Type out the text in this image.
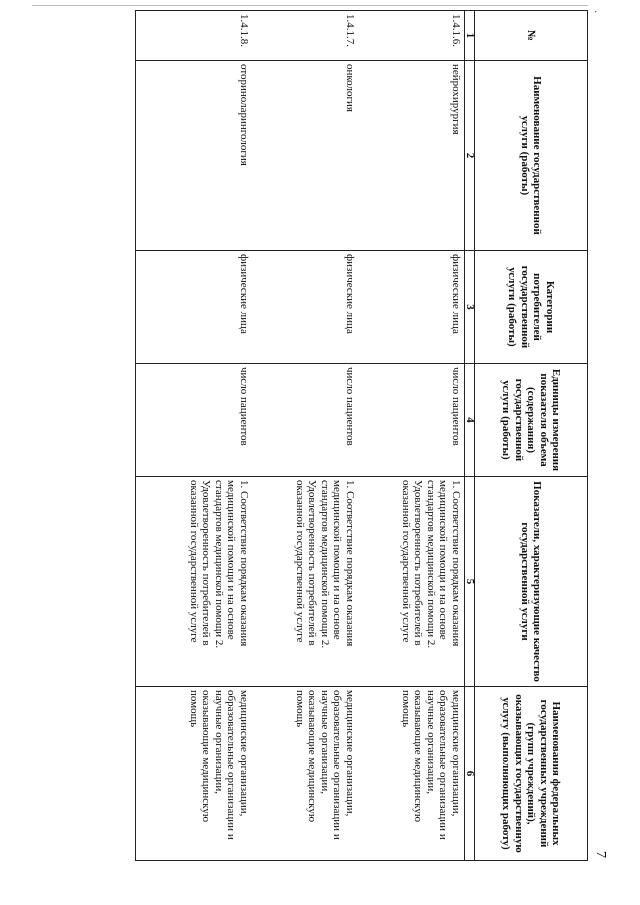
·
7
№	Наименование государственной услуги (работы)	Категории потребителей государственной услуги (работы)	Единицы измерения показателя объема (содержания) государственной услуги (работы)	Показатели, характеризующие качество государственной услуги	Наименования федеральных государственных учреждений (групп учреждений), оказывающих государственную услугу (выполняющих работу)
1	2	3	4	5	6
1.4.1.6.	нейрохирургия	физические лица	число пациентов	1. Соответствие порядкам оказания медицинской помощи и на основе стандартов медицинской помощи 2. Удовлетворенность потребителей в оказанной государственной услуге	медицинские организации, образовательные организации и научные организации, оказывающие медицинскую помощь
1.4.1.7.	онкология	физические лица	число пациентов	1. Соответствие порядкам оказания медицинской помощи и на основе стандартов медицинской помощи 2. Удовлетворенность потребителей в оказанной государственной услуге	медицинские организации, образовательные организации и научные организации, оказывающие медицинскую помощь
1.4.1.8.	оториноларингология	физические лица	число пациентов	1. Соответствие порядкам оказания медицинской помощи и на основе стандартов медицинской помощи 2. Удовлетворенность потребителей в оказанной государственной услуге	медицинские организации, образовательные организации и научные организации, оказывающие медицинскую помощь
